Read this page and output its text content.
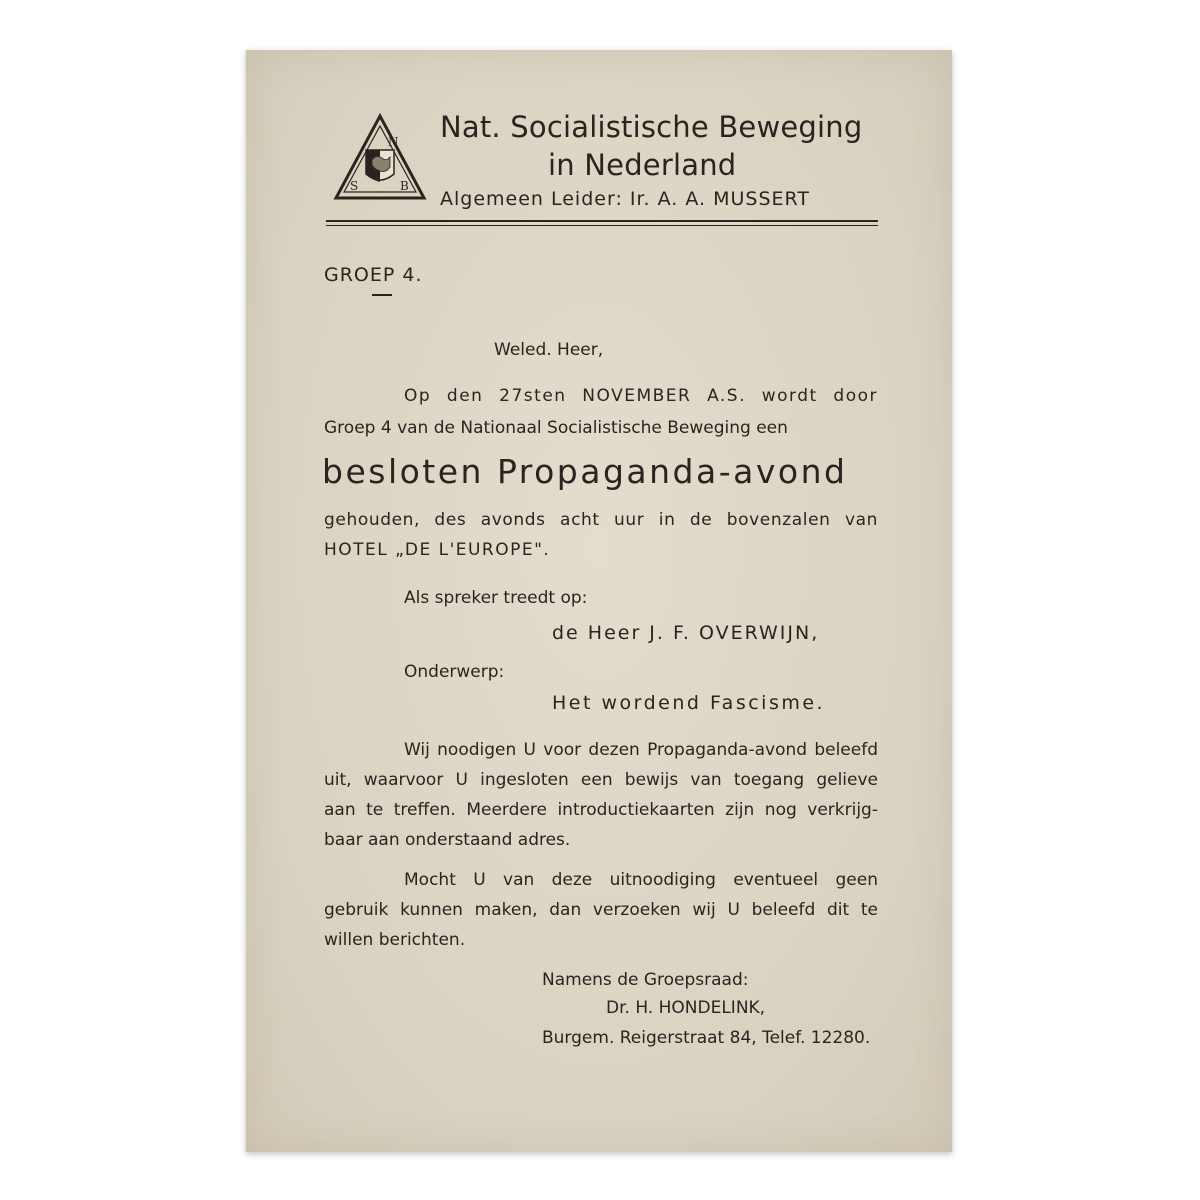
N
S	B
Nat. Socialistische Beweging
in Nederland
Algemeen Leider: Ir. A. A. MUSSERT
GROEP 4.
Weled. Heer,
Op den 27sten NOVEMBER A.S. wordt door
Groep 4 van de Nationaal Socialistische Beweging een
besloten Propaganda-avond
gehouden, des avonds acht uur in de bovenzalen van
HOTEL „DE L'EUROPE".
Als spreker treedt op:
de Heer J. F. OVERWIJN,
Onderwerp:
Het wordend Fascisme.
Wij noodigen U voor dezen Propaganda-avond beleefd
uit, waarvoor U ingesloten een bewijs van toegang gelieve
aan te treffen. Meerdere introductiekaarten zijn nog verkrijg-
baar aan onderstaand adres.
Mocht U van deze uitnoodiging eventueel geen
gebruik kunnen maken, dan verzoeken wij U beleefd dit te
willen berichten.
Namens de Groepsraad:
Dr. H. HONDELINK,
Burgem. Reigerstraat 84, Telef. 12280.
